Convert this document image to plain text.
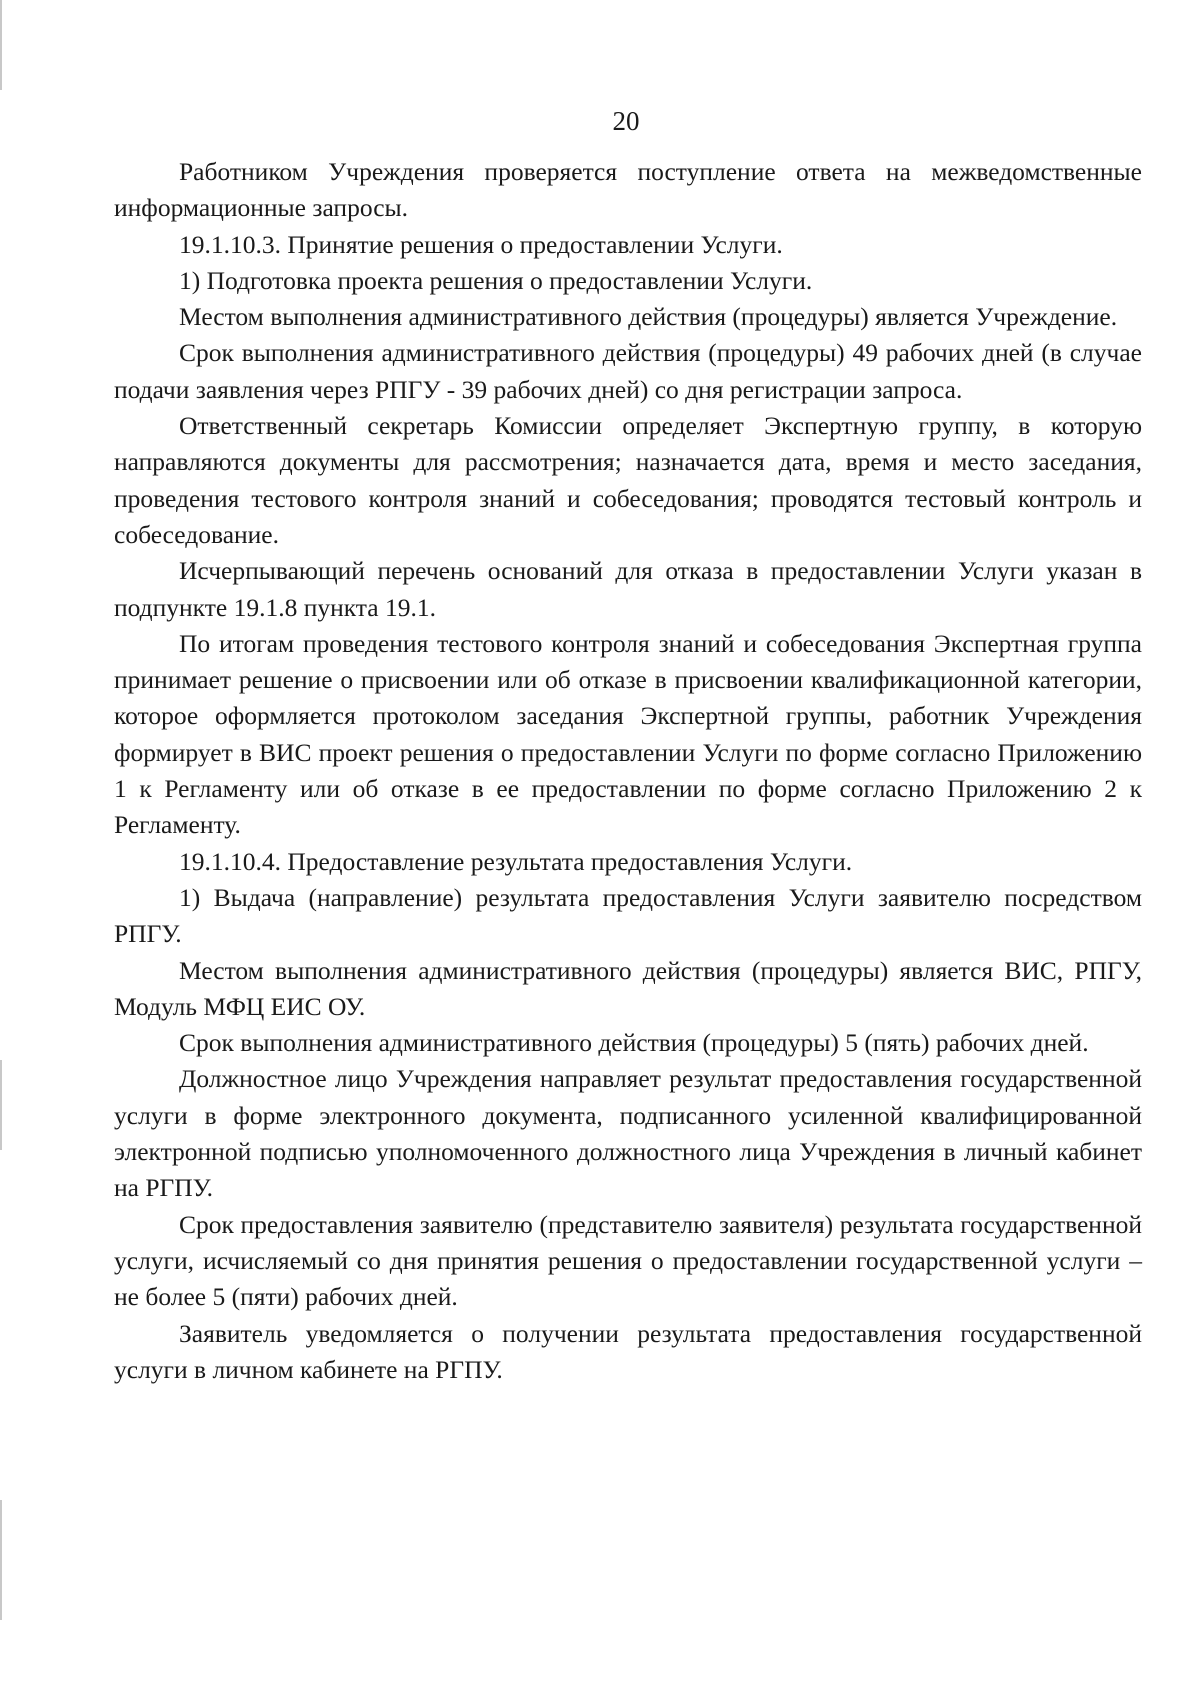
20

Работником Учреждения проверяется поступление ответа на межведомственные информационные запросы.

19.1.10.3. Принятие решения о предоставлении Услуги.

1) Подготовка проекта решения о предоставлении Услуги.

Местом выполнения административного действия (процедуры) является Учреждение.

Срок выполнения административного действия (процедуры) 49 рабочих дней (в случае подачи заявления через РПГУ - 39 рабочих дней) со дня регистрации запроса.

Ответственный секретарь Комиссии определяет Экспертную группу, в которую направляются документы для рассмотрения; назначается дата, время и место заседания, проведения тестового контроля знаний и собеседования; проводятся тестовый контроль и собеседование.

Исчерпывающий перечень оснований для отказа в предоставлении Услуги указан в подпункте 19.1.8 пункта 19.1.

По итогам проведения тестового контроля знаний и собеседования Экспертная группа принимает решение о присвоении или об отказе в присвоении квалификационной категории, которое оформляется протоколом заседания Экспертной группы, работник Учреждения формирует в ВИС проект решения о предоставлении Услуги по форме согласно Приложению 1 к Регламенту или об отказе в ее предоставлении по форме согласно Приложению 2 к Регламенту.

19.1.10.4. Предоставление результата предоставления Услуги.

1) Выдача (направление) результата предоставления Услуги заявителю посредством РПГУ.

Местом выполнения административного действия (процедуры) является ВИС, РПГУ, Модуль МФЦ ЕИС ОУ.

Срок выполнения административного действия (процедуры) 5 (пять) рабочих дней.

Должностное лицо Учреждения направляет результат предоставления государственной услуги в форме электронного документа, подписанного усиленной квалифицированной электронной подписью уполномоченного должностного лица Учреждения в личный кабинет на РГПУ.

Срок предоставления заявителю (представителю заявителя) результата государственной услуги, исчисляемый со дня принятия решения о предоставлении государственной услуги – не более 5 (пяти) рабочих дней.

Заявитель уведомляется о получении результата предоставления государственной услуги в личном кабинете на РГПУ.
